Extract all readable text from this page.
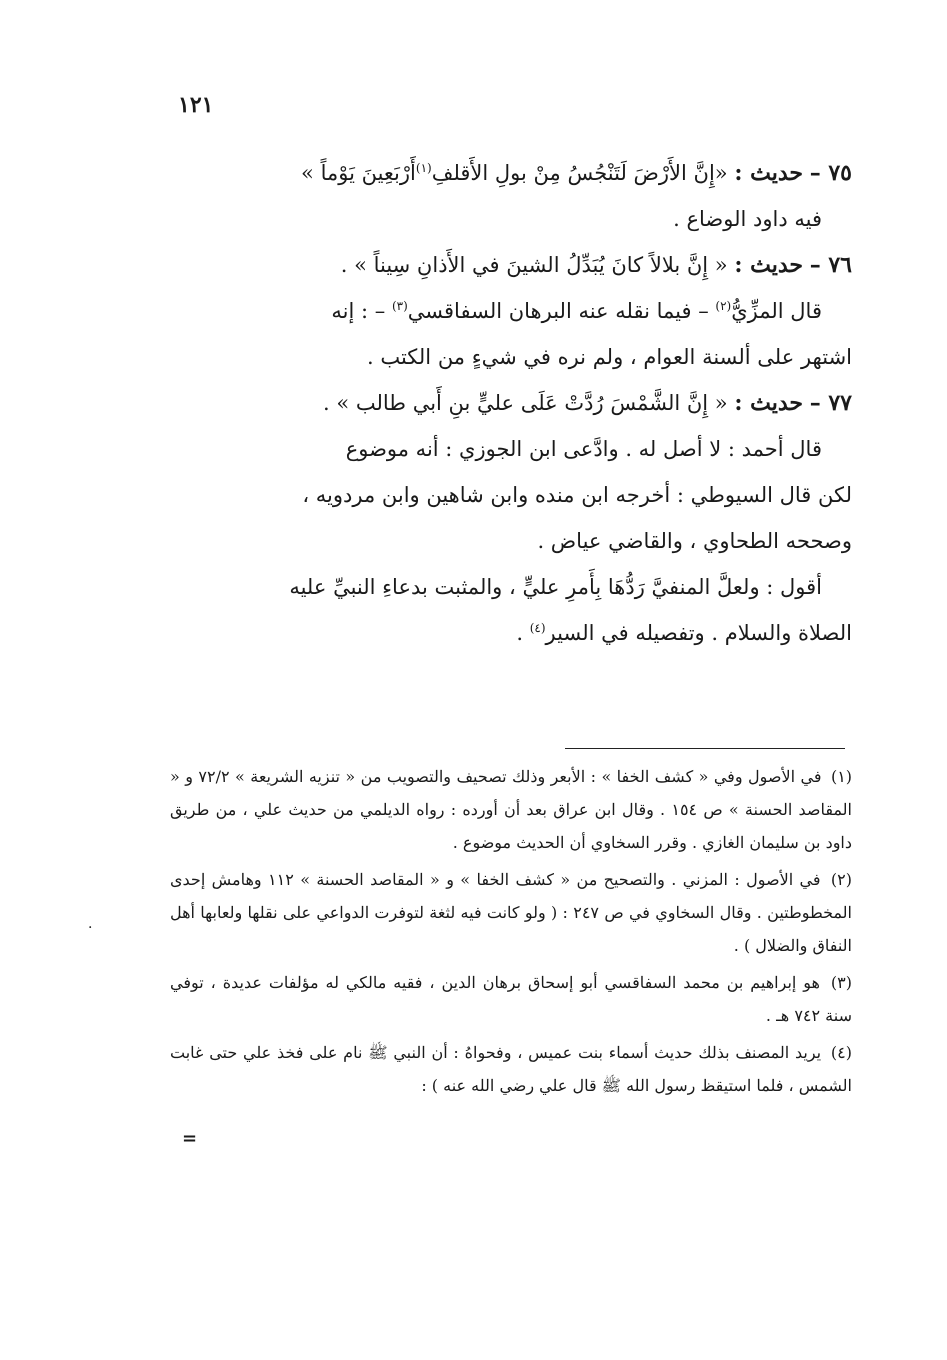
١٢١

٧٥ – حديث : «إِنَّ الأَرْضَ لَتَنْجُسُ مِنْ بولِ الأَقلفِ$^{(١)}$أَرْبَعِينَ يَوْماً »

فيه داود الوضاع .

٧٦ – حديث : « إِنَّ بلالاً كانَ يُبَدِّلُ الشينَ في الأَذانِ سِيناً » .

قال المزِّيُّ$^{(٢)}$ – فيما نقله عنه البرهان السفاقسي$^{(٣)}$ – : إنه

اشتهر على ألسنة العوام ، ولم نره في شيءٍ من الكتب .

٧٧ – حديث : « إِنَّ الشَّمْسَ رُدَّتْ عَلَى عليٍّ بنِ أَبي طالب » .

قال أحمد : لا أصل له . وادَّعى ابن الجوزي : أنه موضوع

لكن قال السيوطي : أخرجه ابن منده وابن شاهين وابن مردويه ،

وصححه الطحاوي ، والقاضي عياض .

أقول : ولعلَّ المنفيَّ رَدُّهَا بِأَمرِ عليٍّ ، والمثبت بدعاءِ النبيِّ عليه

الصلاة والسلام . وتفصيله في السير$^{(٤)}$ .

(١) في الأصول وفي « كشف الخفا » : الأبعر وذلك تصحيف والتصويب من « تنزيه الشريعة » ٧٢/٢ و « المقاصد الحسنة » ص ١٥٤ . وقال ابن عراق بعد أن أورده : رواه الديلمي من حديث علي ، من طريق داود بن سليمان الغازي . وقرر السخاوي أن الحديث موضوع .

(٢) في الأصول : المزني . والتصحيح من « كشف الخفا » و « المقاصد الحسنة » ١١٢ وهامش إحدى المخطوطتين . وقال السخاوي في ص ٢٤٧ : ( ولو كانت فيه لثغة لتوفرت الدواعي على نقلها ولعابها أهل النفاق والضلال ) .

(٣) هو إبراهيم بن محمد السفاقسي أبو إسحاق برهان الدين ، فقيه مالكي له مؤلفات عديدة ، توفي سنة ٧٤٢ هـ .

(٤) يريد المصنف بذلك حديث أسماء بنت عميس ، وفحواهُ : أن النبي ﷺ نام على فخذ علي حتى غابت الشمس ، فلما استيقظ رسول الله ﷺ قال علي رضي الله عنه ) :

=
·
